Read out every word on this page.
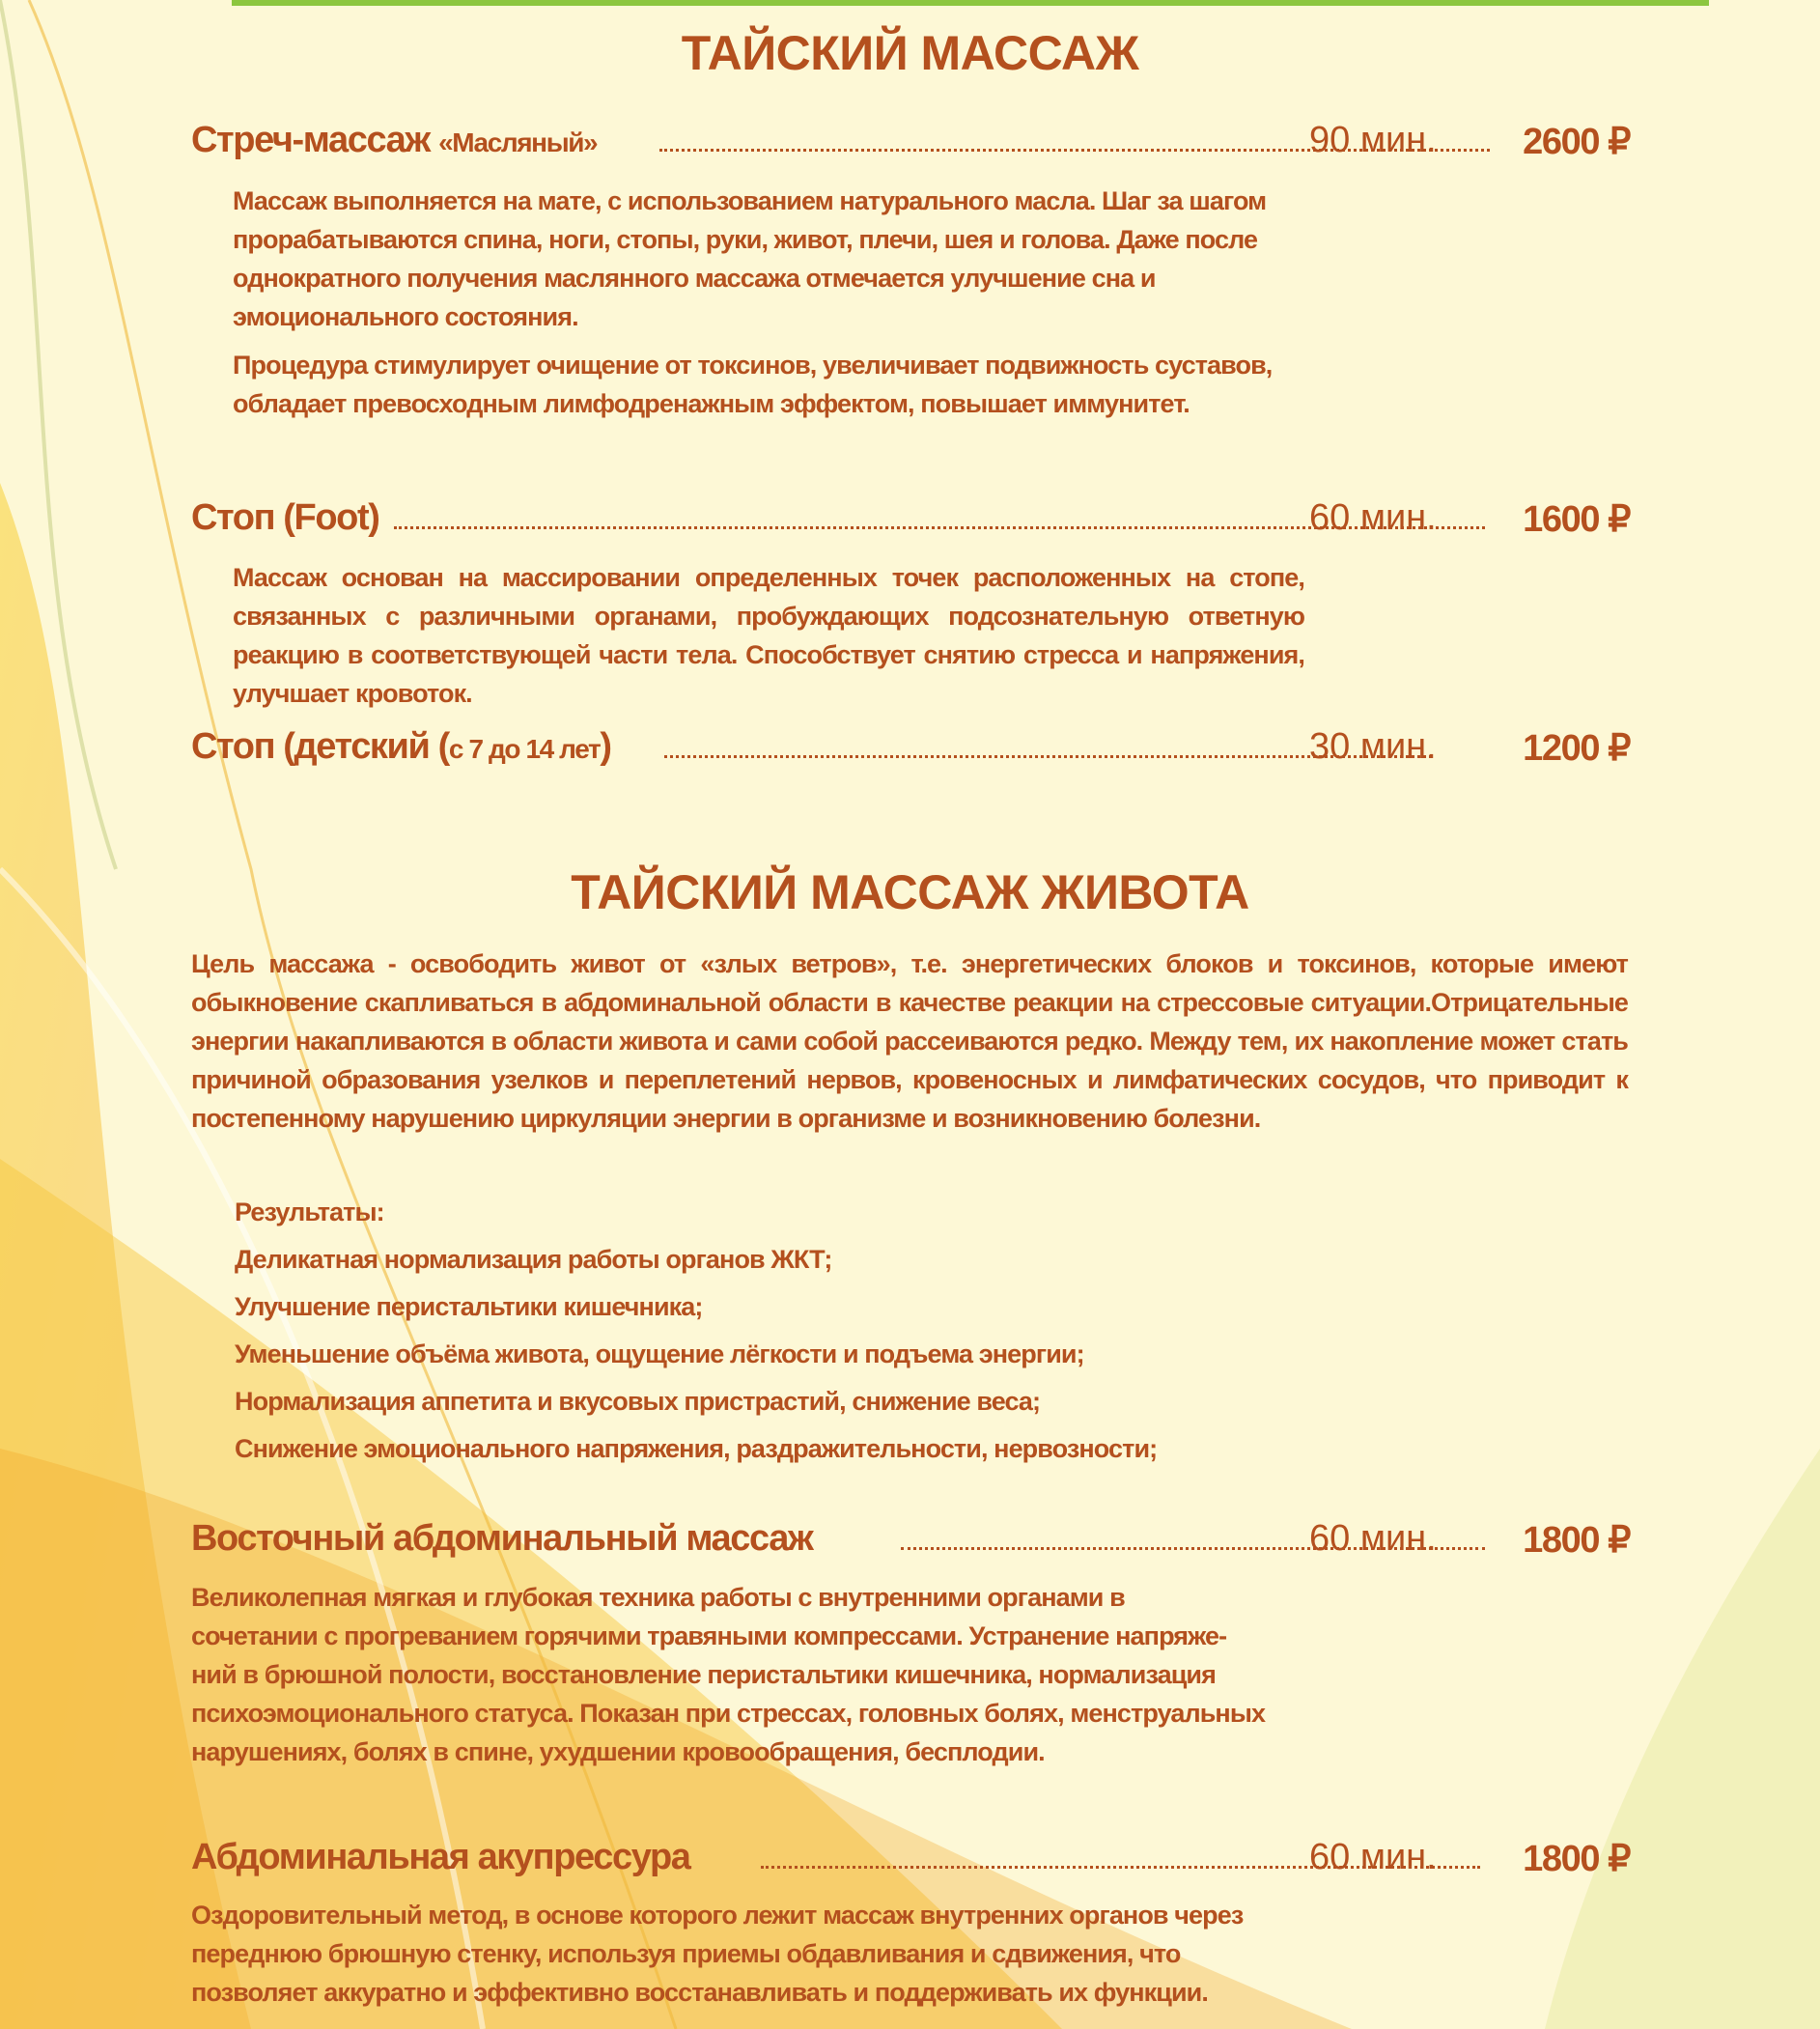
ТАЙСКИЙ МАССАЖ
Стреч-массаж «Масляный»	90 мин. 2600 ₽

Массаж выполняется на мате, с использованием натурального масла. Шаг за шагом прорабатываются спина, ноги, стопы, руки, живот, плечи, шея и голова. Даже после однократного получения маслянного массажа отмечается улучшение сна и эмоционального состояния.

Процедура стимулирует очищение от токсинов, увеличивает подвижность суставов, обладает превосходным лимфодренажным эффектом, повышает иммунитет.

Стоп (Foot)	60 мин. 1600 ₽

Массаж основан на массировании определенных точек расположенных на стопе, связанных с различными органами, пробуждающих подсознательную ответную реакцию в соответствующей части тела. Способствует снятию стресса и напряжения, улучшает кровоток.

Стоп (детский (с 7 до 14 лет)	30 мин. 1200 ₽
ТАЙСКИЙ МАССАЖ ЖИВОТА

Цель массажа - освободить живот от «злых ветров», т.е. энергетических блоков и токсинов, которые имеют обыкновение скапливаться в абдоминальной области в качестве реакции на стрессовые ситуации.Отрицательные энергии накапливаются в области живота и сами собой рассеиваются редко. Между тем, их накопление может стать причиной образования узелков и переплетений нервов, кровеносных и лимфатических сосудов, что приводит к постепенному нарушению циркуляции энергии в организме и возникновению болезни.

Результаты:

Деликатная нормализация работы органов ЖКТ;

Улучшение перистальтики кишечника;

Уменьшение объёма живота, ощущение лёгкости и подъема энергии;

Нормализация аппетита и вкусовых пристрастий, снижение веса;

Снижение эмоционального напряжения, раздражительности, нервозности;

Восточный абдоминальный массаж	60 мин. 1800 ₽

Великолепная мягкая и глубокая техника работы с внутренними органами в

сочетании с прогреванием горячими травяными компрессами. Устранение напряже-

ний в брюшной полости, восстановление перистальтики кишечника, нормализация

психоэмоционального статуса. Показан при стрессах, головных болях, менструальных

нарушениях, болях в спине, ухудшении кровообращения, бесплодии.

Абдоминальная акупрессура	60 мин. 1800 ₽

Оздоровительный метод, в основе которого лежит массаж внутренних органов через

переднюю брюшную стенку, используя приемы обдавливания и сдвижения, что

позволяет аккуратно и эффективно восстанавливать и поддерживать их функции.
